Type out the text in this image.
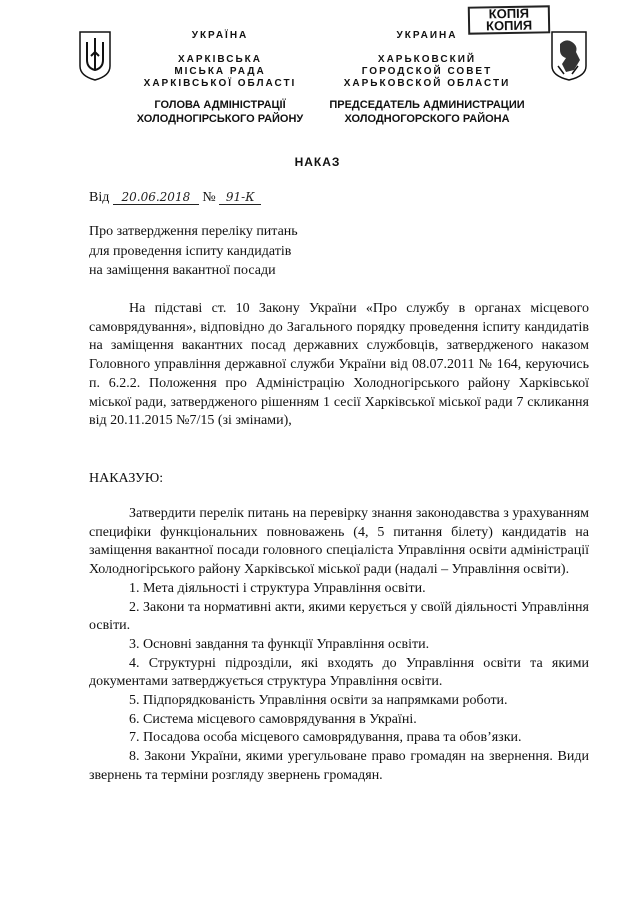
КОПІЯ
КОПИЯ
УКРАЇНА
ХАРКІВСЬКА
МІСЬКА РАДА
ХАРКІВСЬКОЇ ОБЛАСТІ
ГОЛОВА АДМІНІСТРАЦІЇ
ХОЛОДНОГІРСЬКОГО РАЙОНУ
УКРАИНА
ХАРЬКОВСКИЙ
ГОРОДСКОЙ СОВЕТ
ХАРЬКОВСКОЙ ОБЛАСТИ
ПРЕДСЕДАТЕЛЬ АДМИНИСТРАЦИИ
ХОЛОДНОГОРСКОГО РАЙОНА
НАКАЗ
Від 20.06.2018 № 91-К
Про затвердження переліку питань
для проведення іспиту кандидатів
на заміщення вакантної посади

На підставі ст. 10 Закону України «Про службу в органах місцевого самоврядування», відповідно до Загального порядку проведення іспиту кандидатів на заміщення вакантних посад державних службовців, затвердженого наказом Головного управління державної служби України від 08.07.2011 № 164, керуючись п. 6.2.2. Положення про Адміністрацію Холодногірського району Харківської міської ради, затвердженого рішенням 1 сесії Харківської міської ради 7 скликання від 20.11.2015 №7/15 (зі змінами),

НАКАЗУЮ:

Затвердити перелік питань на перевірку знання законодавства з урахуванням специфіки функціональних повноважень (4, 5 питання білету) кандидатів на заміщення вакантної посади головного спеціаліста Управління освіти адміністрації Холодногірського району Харківської міської ради (надалі – Управління освіти).

1. Мета діяльності і структура Управління освіти.

2. Закони та нормативні акти, якими керується у своїй діяльності Управління освіти.

3. Основні завдання та функції Управління освіти.

4. Структурні підрозділи, які входять до Управління освіти та якими документами затверджується структура Управління освіти.

5. Підпорядкованість Управління освіти за напрямками роботи.

6. Система місцевого самоврядування в Україні.

7. Посадова особа місцевого самоврядування, права та обов’язки.

8. Закони України, якими урегульоване право громадян на звернення. Види звернень та терміни розгляду звернень громадян.
